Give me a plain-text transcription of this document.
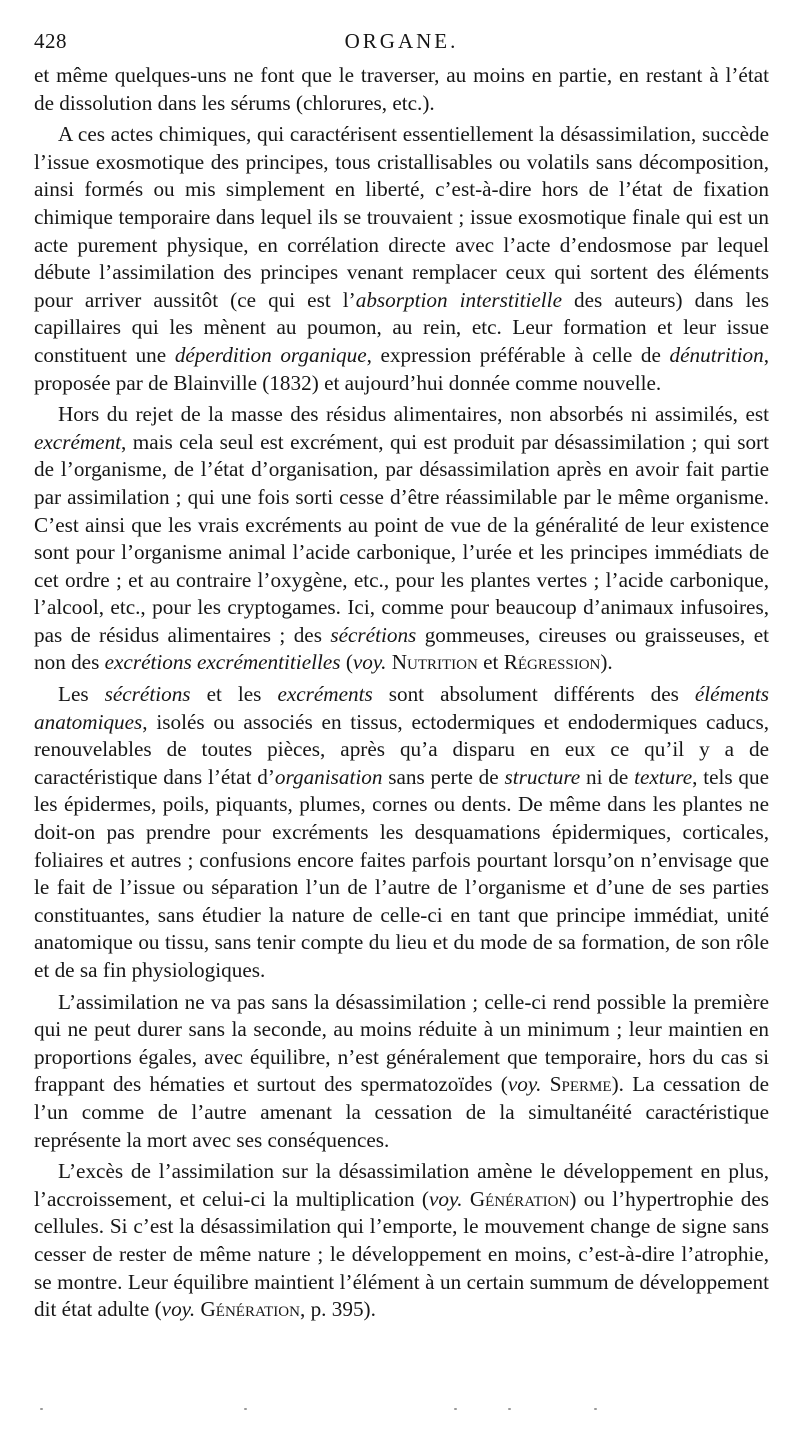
428	ORGANE.

et même quelques-uns ne font que le traverser, au moins en partie, en restant à l’état de dissolution dans les sérums (chlorures, etc.).

A ces actes chimiques, qui caractérisent essentiellement la désassimilation, succède l’issue exosmotique des principes, tous cristallisables ou volatils sans décomposition, ainsi formés ou mis simplement en liberté, c’est-à-dire hors de l’état de fixation chimique temporaire dans lequel ils se trouvaient ; issue exosmotique finale qui est un acte purement physique, en corrélation directe avec l’acte d’endosmose par lequel débute l’assimilation des principes venant remplacer ceux qui sortent des éléments pour arriver aussitôt (ce qui est l’absorption interstitielle des auteurs) dans les capillaires qui les mènent au poumon, au rein, etc. Leur formation et leur issue constituent une déperdition organique, expression préférable à celle de dénutrition, proposée par de Blainville (1832) et aujourd’hui donnée comme nouvelle.

Hors du rejet de la masse des résidus alimentaires, non absorbés ni assimilés, est excrément, mais cela seul est excrément, qui est produit par désassimilation ; qui sort de l’organisme, de l’état d’organisation, par désassimilation après en avoir fait partie par assimilation ; qui une fois sorti cesse d’être réassimilable par le même organisme. C’est ainsi que les vrais excréments au point de vue de la généralité de leur existence sont pour l’organisme animal l’acide carbonique, l’urée et les principes immédiats de cet ordre ; et au contraire l’oxygène, etc., pour les plantes vertes ; l’acide carbonique, l’alcool, etc., pour les cryptogames. Ici, comme pour beaucoup d’animaux infusoires, pas de résidus alimentaires ; des sécrétions gommeuses, cireuses ou graisseuses, et non des excrétions excrémentitielles (voy. Nutrition et Régression).

Les sécrétions et les excréments sont absolument différents des éléments anatomiques, isolés ou associés en tissus, ectodermiques et endodermiques caducs, renouvelables de toutes pièces, après qu’a disparu en eux ce qu’il y a de caractéristique dans l’état d’organisation sans perte de structure ni de texture, tels que les épidermes, poils, piquants, plumes, cornes ou dents. De même dans les plantes ne doit-on pas prendre pour excréments les desquamations épidermiques, corticales, foliaires et autres ; confusions encore faites parfois pourtant lorsqu’on n’envisage que le fait de l’issue ou séparation l’un de l’autre de l’organisme et d’une de ses parties constituantes, sans étudier la nature de celle-ci en tant que principe immédiat, unité anatomique ou tissu, sans tenir compte du lieu et du mode de sa formation, de son rôle et de sa fin physiologiques.

L’assimilation ne va pas sans la désassimilation ; celle-ci rend possible la première qui ne peut durer sans la seconde, au moins réduite à un minimum ; leur maintien en proportions égales, avec équilibre, n’est généralement que temporaire, hors du cas si frappant des hématies et surtout des spermatozoïdes (voy. Sperme). La cessation de l’un comme de l’autre amenant la cessation de la simultanéité caractéristique représente la mort avec ses conséquences.

L’excès de l’assimilation sur la désassimilation amène le développement en plus, l’accroissement, et celui-ci la multiplication (voy. Génération) ou l’hypertrophie des cellules. Si c’est la désassimilation qui l’emporte, le mouvement change de signe sans cesser de rester de même nature ; le développement en moins, c’est-à-dire l’atrophie, se montre. Leur équilibre maintient l’élément à un certain summum de développement dit état adulte (voy. Génération, p. 395).
